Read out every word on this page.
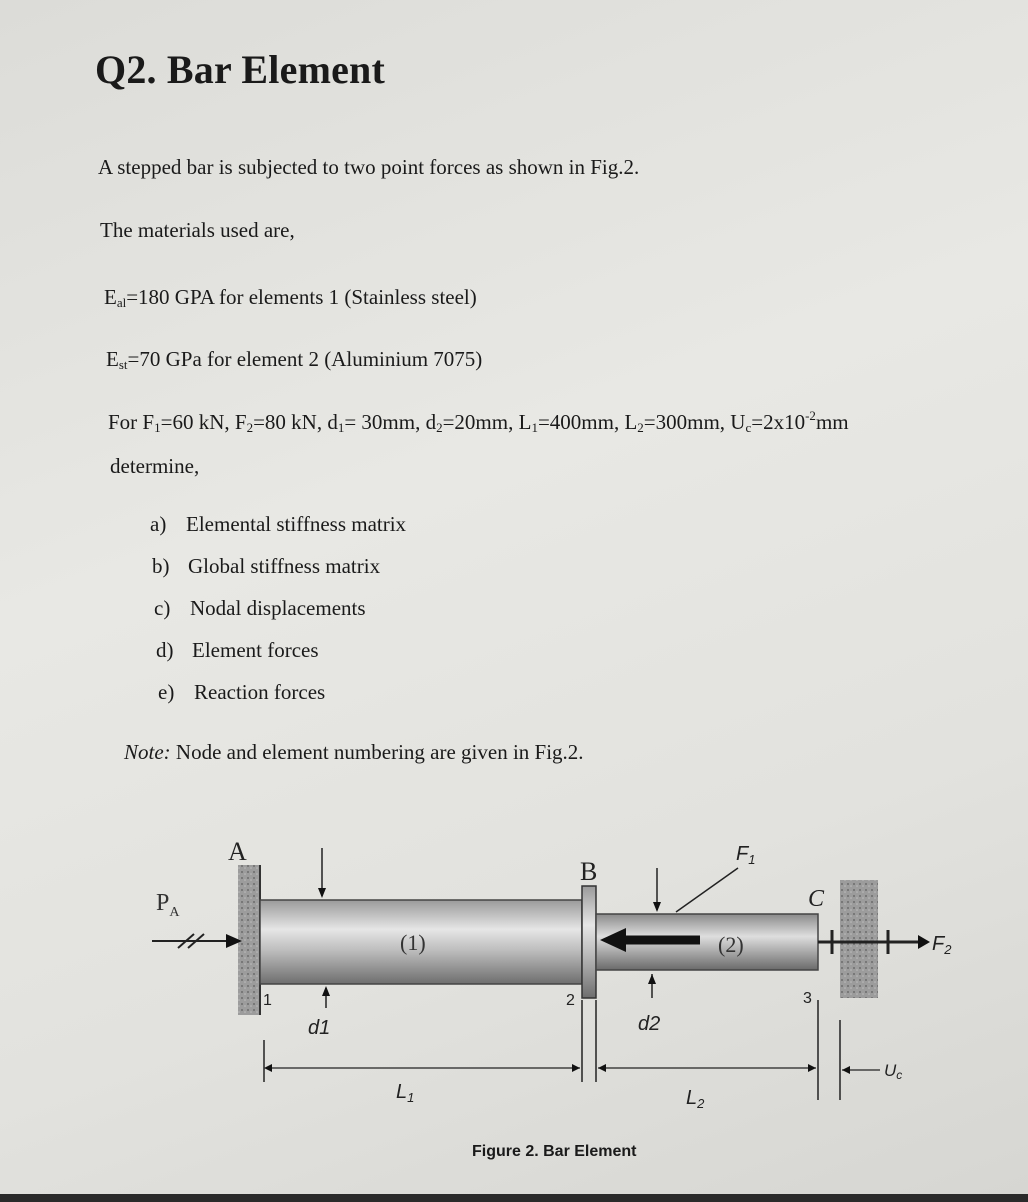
Q2. Bar Element
A stepped bar is subjected to two point forces as shown in Fig.2.
The materials used are,
$E_{al}=180$ GPA for elements 1 (Stainless steel)
$E_{st}=70$ GPa for element 2 (Aluminium 7075)
For $F_1=60$ kN, $F_2=80$ kN, $d_1= 30mm$, $d_2=20mm$, $L_1=400mm$, $L_2=300mm$, $U_c=2x10^{-2}mm$
determine,
a) Elemental stiffness matrix
b) Global stiffness matrix
c) Nodal displacements
d) Element forces
e) Reaction forces
Note: Node and element numbering are given in Fig.2.
A
B
C
$P_A$
$F_1$
$F_2$
(1)	(2)
1	2	3
d1	d2
$L_1$	$L_2$
Uc
Figure 2. Bar Element
